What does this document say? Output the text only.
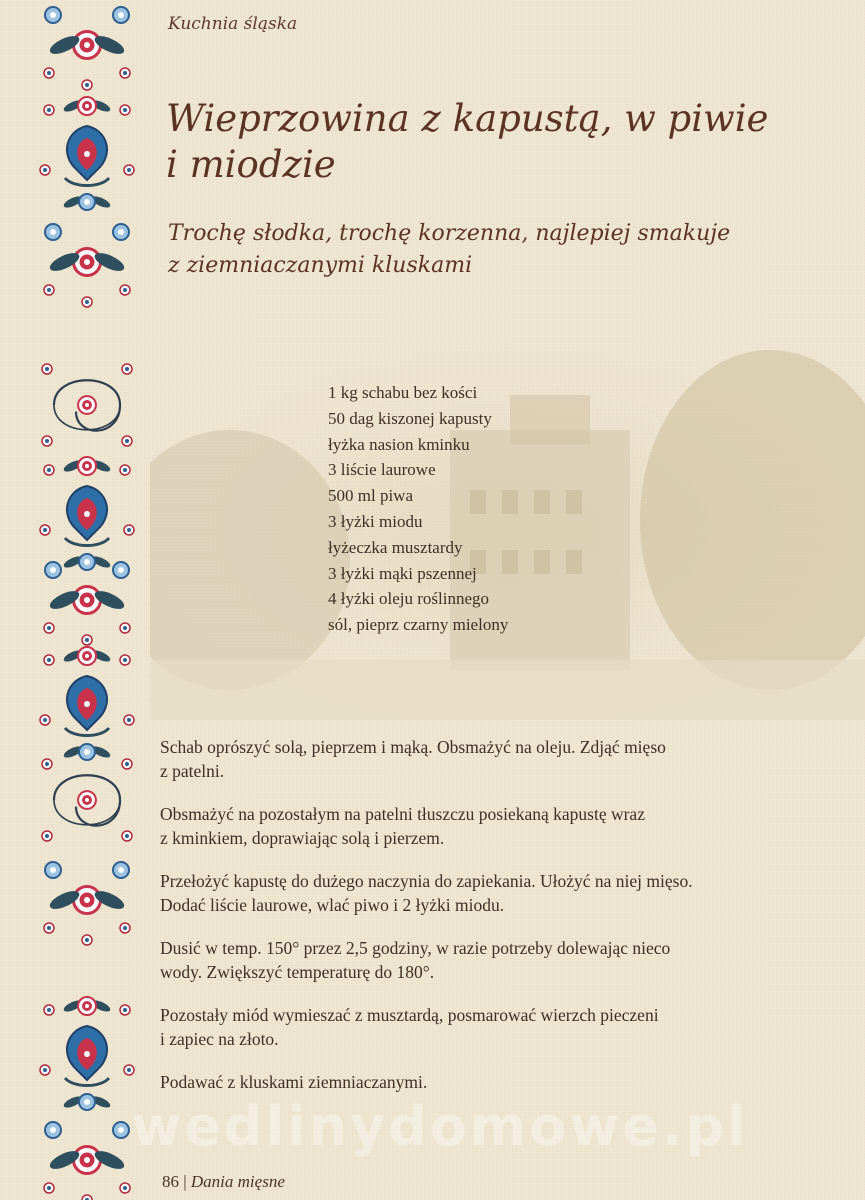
Kuchnia śląska
Wieprzowina z kapustą, w piwie
i miodzie

Trochę słodka, trochę korzenna, najlepiej smakuje
z ziemniaczanymi kluskami

1 kg schabu bez kości
50 dag kiszonej kapusty
łyżka nasion kminku
3 liście laurowe
500 ml piwa
3 łyżki miodu
łyżeczka musztardy
3 łyżki mąki pszennej
4 łyżki oleju roślinnego
sól, pieprz czarny mielony

Schab oprószyć solą, pieprzem i mąką. Obsmażyć na oleju. Zdjąć mięso
z patelni.

Obsmażyć na pozostałym na patelni tłuszczu posiekaną kapustę wraz
z kminkiem, doprawiając solą i pierzem.

Przełożyć kapustę do dużego naczynia do zapiekania. Ułożyć na niej mięso.
Dodać liście laurowe, wlać piwo i 2 łyżki miodu.

Dusić w temp. 150° przez 2,5 godziny, w razie potrzeby dolewając nieco
wody. Zwiększyć temperaturę do 180°.

Pozostały miód wymieszać z musztardą, posmarować wierzch pieczeni
i zapiec na złoto.

Podawać z kluskami ziemniaczanymi.

wedlinydomowe.pl
86 | Dania mięsne
